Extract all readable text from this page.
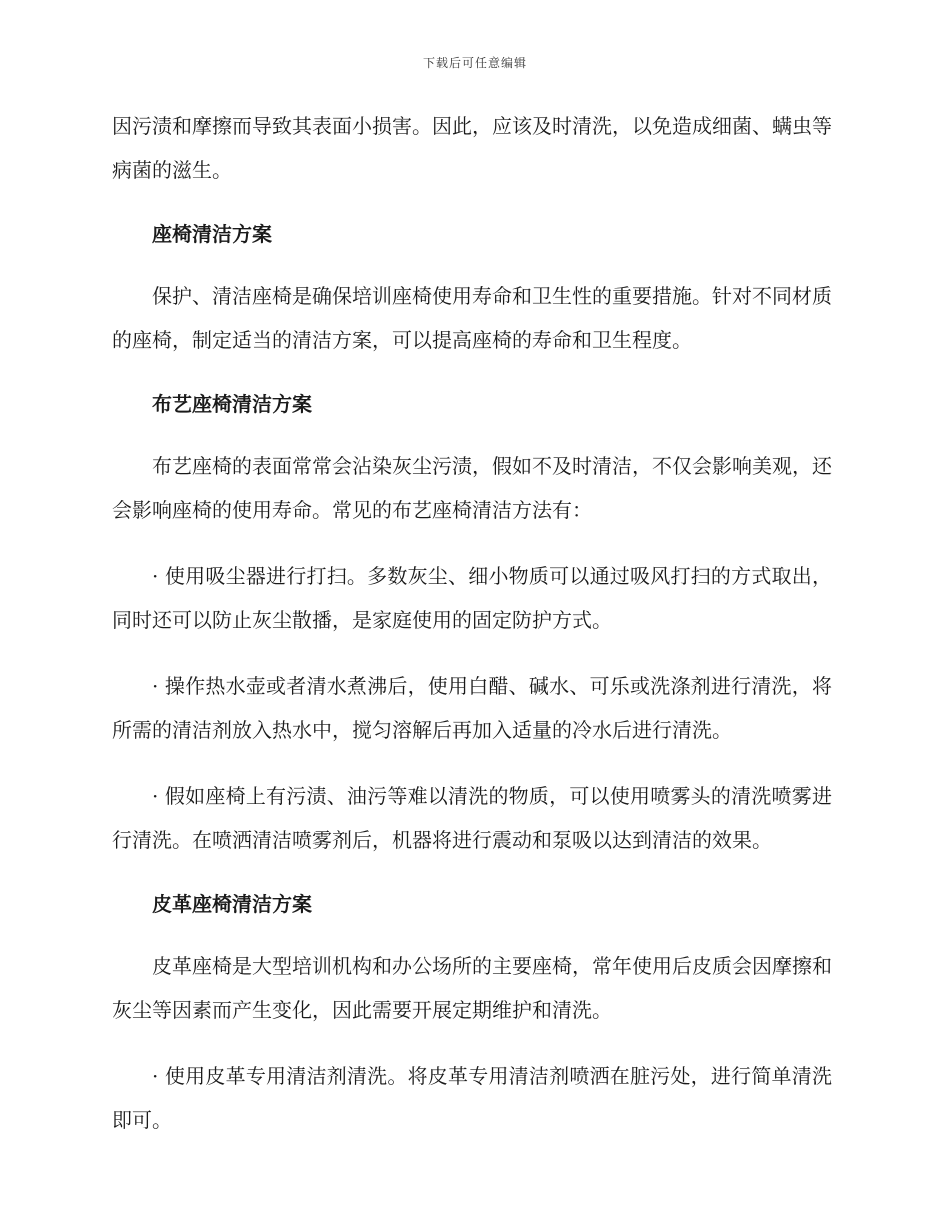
下载后可任意编辑

因污渍和摩擦而导致其表面小损害。因此，应该及时清洗，以免造成细菌、螨虫等病菌的滋生。

座椅清洁方案

保护、清洁座椅是确保培训座椅使用寿命和卫生性的重要措施。针对不同材质的座椅，制定适当的清洁方案，可以提高座椅的寿命和卫生程度。

布艺座椅清洁方案

布艺座椅的表面常常会沾染灰尘污渍，假如不及时清洁，不仅会影响美观，还会影响座椅的使用寿命。常见的布艺座椅清洁方法有：

· 使用吸尘器进行打扫。多数灰尘、细小物质可以通过吸风打扫的方式取出，同时还可以防止灰尘散播，是家庭使用的固定防护方式。

· 操作热水壶或者清水煮沸后，使用白醋、碱水、可乐或洗涤剂进行清洗，将所需的清洁剂放入热水中，搅匀溶解后再加入适量的冷水后进行清洗。

· 假如座椅上有污渍、油污等难以清洗的物质，可以使用喷雾头的清洗喷雾进行清洗。在喷洒清洁喷雾剂后，机器将进行震动和泵吸以达到清洁的效果。

皮革座椅清洁方案

皮革座椅是大型培训机构和办公场所的主要座椅，常年使用后皮质会因摩擦和灰尘等因素而产生变化，因此需要开展定期维护和清洗。

· 使用皮革专用清洁剂清洗。将皮革专用清洁剂喷洒在脏污处，进行简单清洗即可。
